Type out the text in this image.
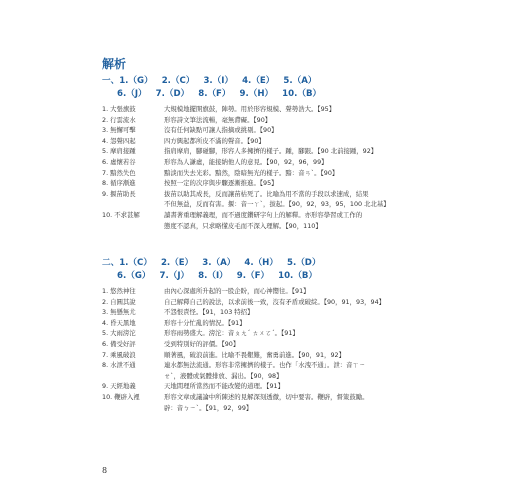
解析
一、1.（G） 2.（C） 3.（I） 4.（E） 5.（A）
6.（J） 7.（D） 8.（F） 9.（H） 10.（B）
1. 大張旗鼓	大規模地擺開旗鼓，陣勢。用於形容規模、聲勢浩大。【95】
2. 行雲流水	形容詩文筆法流暢，毫無滯礙。【90】
3. 無懈可擊	沒有任何缺點可讓人指摘或挑剔。【90】
4. 怨聲四起	四方興起都所皮不滿的聲音。【90】
5. 摩肩接踵	指肩摩肩，腳碰腳，形容人多擁擠的樣子。踵，腳跟。【90 北前接踵，92】
6. 虛懷若谷	形容為人謙虛，能接納他人的意見。【90，92，96，99】
7. 黯然失色	黯淡而失去光彩。黯然，陰暗無光的樣子。黯：音ㄢˋ。【90】
8. 循序漸進	按照一定的次序與步驟逐漸推進。【95】
9. 揠苗助長	拔苗以助其成長，反而讓苗枯死了。比喻為用不當的手段以求速成，結果
不但無益，反而有害。揠：音一ㄚˋ，拔起。【90，92，93，95，100 北北基】
10. 不求甚解	讀書著重理解義理，而不過度鑽研字句上的解釋。亦形容學習或工作的
態度不認真，只求略懂皮毛而不深入理解。【90，110】
二、1.（C） 2.（E） 3.（A） 4.（H） 5.（D）
6.（G） 7.（J） 8.（I） 9.（F） 10.（B）
1. 悠然神往	由內心深處所升起的一股企盼，而心神嚮往。【91】
2. 自圓其說	自己解釋自己的說法，以求前後一致，沒有矛盾或破綻。【90，91，93，94】
3. 無懸無尤	不怨恨責怪。【91，103 特招】
4. 昏天黑地	形容十分忙亂的情況。【91】
5. 大雨滂沱	形容雨勢盛大。滂沱：音ㄆㄤˊ ㄊㄨㄛˊ。【91】
6. 備受好評	受到特別好的評價。【90】
7. 乘風破浪	順著風，破浪前進。比喻不畏艱難，奮勇前進。【90，91，92】
8. 水泄不通	連水都無法流通。形容非常擁擠的樣子。也作「水洩不通」。泄：音ㄒㄧ
ㄝˋ，液體或氣體排放、漏出。【90，98】
9. 天經地義	天地間理所當然而不能改變的道理。【91】
10. 鞭辟入裡	形容文章或議論中所陳述的見解深刻透徹，切中要害。鞭辟，督策鼓勵。
辟：音ㄅㄧˋ。【91，92，99】
8
